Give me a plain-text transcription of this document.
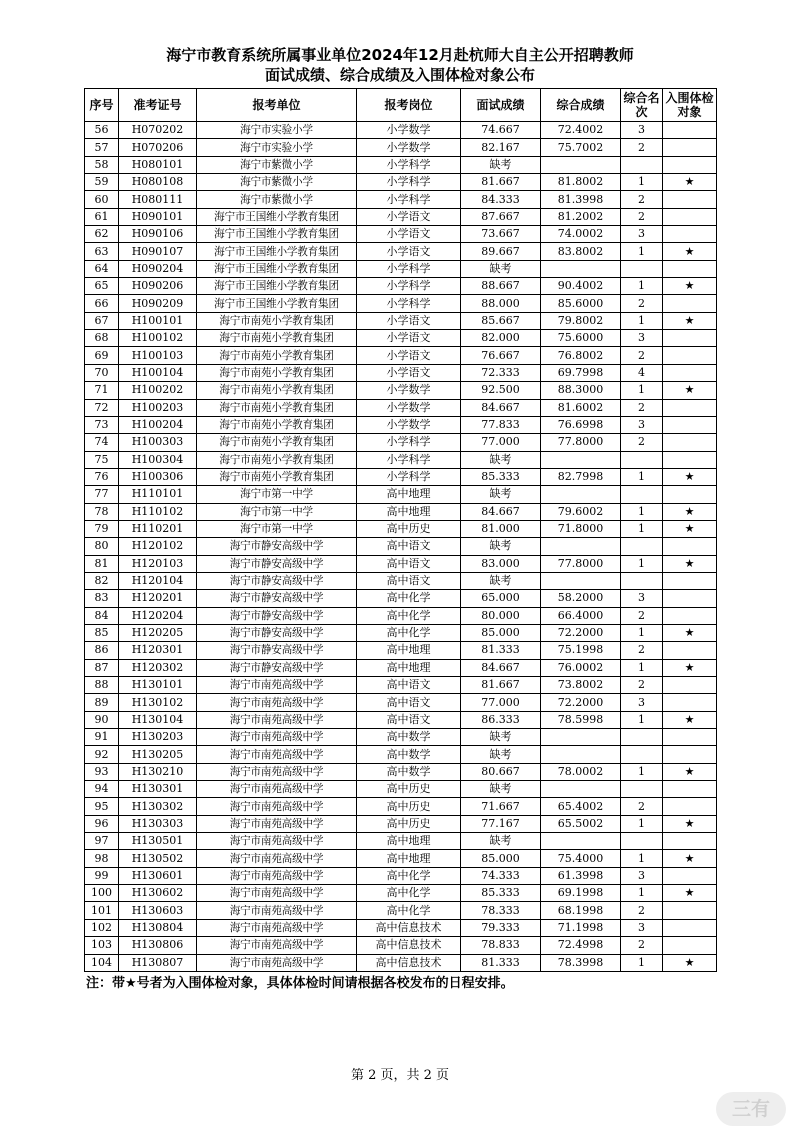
海宁市教育系统所属事业单位2024年12月赴杭师大自主公开招聘教师
面试成绩、综合成绩及入围体检对象公布
序号	准考证号	报考单位	报考岗位	面试成绩	综合成绩	综合名次	入围体检对象
56	H070202	海宁市实验小学	小学数学	74.667	72.4002	3	
57	H070206	海宁市实验小学	小学数学	82.167	75.7002	2	
58	H080101	海宁市紫微小学	小学科学	缺考			
59	H080108	海宁市紫微小学	小学科学	81.667	81.8002	1	★
60	H080111	海宁市紫微小学	小学科学	84.333	81.3998	2	
61	H090101	海宁市王国维小学教育集团	小学语文	87.667	81.2002	2	
62	H090106	海宁市王国维小学教育集团	小学语文	73.667	74.0002	3	
63	H090107	海宁市王国维小学教育集团	小学语文	89.667	83.8002	1	★
64	H090204	海宁市王国维小学教育集团	小学科学	缺考			
65	H090206	海宁市王国维小学教育集团	小学科学	88.667	90.4002	1	★
66	H090209	海宁市王国维小学教育集团	小学科学	88.000	85.6000	2	
67	H100101	海宁市南苑小学教育集团	小学语文	85.667	79.8002	1	★
68	H100102	海宁市南苑小学教育集团	小学语文	82.000	75.6000	3	
69	H100103	海宁市南苑小学教育集团	小学语文	76.667	76.8002	2	
70	H100104	海宁市南苑小学教育集团	小学语文	72.333	69.7998	4	
71	H100202	海宁市南苑小学教育集团	小学数学	92.500	88.3000	1	★
72	H100203	海宁市南苑小学教育集团	小学数学	84.667	81.6002	2	
73	H100204	海宁市南苑小学教育集团	小学数学	77.833	76.6998	3	
74	H100303	海宁市南苑小学教育集团	小学科学	77.000	77.8000	2	
75	H100304	海宁市南苑小学教育集团	小学科学	缺考			
76	H100306	海宁市南苑小学教育集团	小学科学	85.333	82.7998	1	★
77	H110101	海宁市第一中学	高中地理	缺考			
78	H110102	海宁市第一中学	高中地理	84.667	79.6002	1	★
79	H110201	海宁市第一中学	高中历史	81.000	71.8000	1	★
80	H120102	海宁市静安高级中学	高中语文	缺考			
81	H120103	海宁市静安高级中学	高中语文	83.000	77.8000	1	★
82	H120104	海宁市静安高级中学	高中语文	缺考			
83	H120201	海宁市静安高级中学	高中化学	65.000	58.2000	3	
84	H120204	海宁市静安高级中学	高中化学	80.000	66.4000	2	
85	H120205	海宁市静安高级中学	高中化学	85.000	72.2000	1	★
86	H120301	海宁市静安高级中学	高中地理	81.333	75.1998	2	
87	H120302	海宁市静安高级中学	高中地理	84.667	76.0002	1	★
88	H130101	海宁市南苑高级中学	高中语文	81.667	73.8002	2	
89	H130102	海宁市南苑高级中学	高中语文	77.000	72.2000	3	
90	H130104	海宁市南苑高级中学	高中语文	86.333	78.5998	1	★
91	H130203	海宁市南苑高级中学	高中数学	缺考			
92	H130205	海宁市南苑高级中学	高中数学	缺考			
93	H130210	海宁市南苑高级中学	高中数学	80.667	78.0002	1	★
94	H130301	海宁市南苑高级中学	高中历史	缺考			
95	H130302	海宁市南苑高级中学	高中历史	71.667	65.4002	2	
96	H130303	海宁市南苑高级中学	高中历史	77.167	65.5002	1	★
97	H130501	海宁市南苑高级中学	高中地理	缺考			
98	H130502	海宁市南苑高级中学	高中地理	85.000	75.4000	1	★
99	H130601	海宁市南苑高级中学	高中化学	74.333	61.3998	3	
100	H130602	海宁市南苑高级中学	高中化学	85.333	69.1998	1	★
101	H130603	海宁市南苑高级中学	高中化学	78.333	68.1998	2	
102	H130804	海宁市南苑高级中学	高中信息技术	79.333	71.1998	3	
103	H130806	海宁市南苑高级中学	高中信息技术	78.833	72.4998	2	
104	H130807	海宁市南苑高级中学	高中信息技术	81.333	78.3998	1	★
注：带★号者为入围体检对象，具体体检时间请根据各校发布的日程安排。
第 2 页，共 2 页
三有
